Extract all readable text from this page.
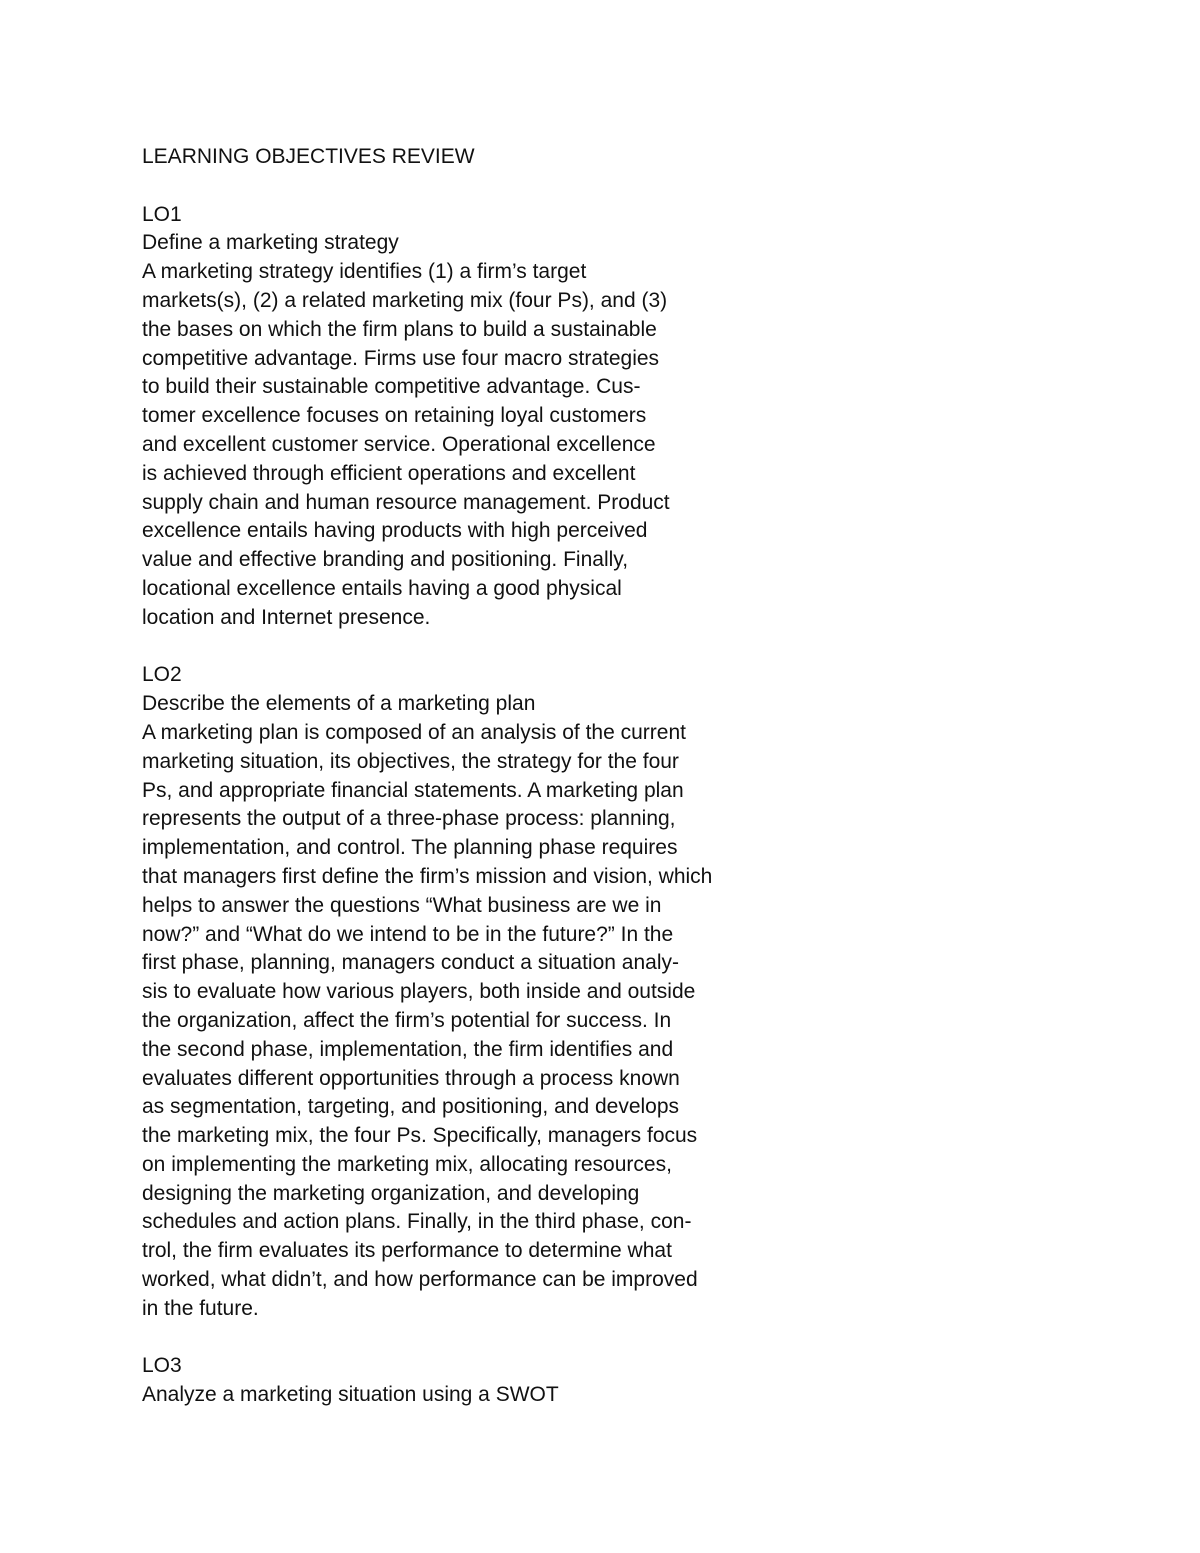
LEARNING OBJECTIVES REVIEW
LO1
Define a marketing strategy
A marketing strategy identifies (1) a firm’s target
markets(s), (2) a related marketing mix (four Ps), and (3)
the bases on which the firm plans to build a sustainable
competitive advantage. Firms use four macro strategies
to build their sustainable competitive advantage. Cus-
tomer excellence focuses on retaining loyal customers
and excellent customer service. Operational excellence
is achieved through efficient operations and excellent
supply chain and human resource management. Product
excellence entails having products with high perceived
value and effective branding and positioning. Finally,
locational excellence entails having a good physical
location and Internet presence.
LO2
Describe the elements of a marketing plan
A marketing plan is composed of an analysis of the current
marketing situation, its objectives, the strategy for the four
Ps, and appropriate financial statements. A marketing plan
represents the output of a three-phase process: planning,
implementation, and control. The planning phase requires
that managers first define the firm’s mission and vision, which
helps to answer the questions “What business are we in
now?” and “What do we intend to be in the future?” In the
first phase, planning, managers conduct a situation analy-
sis to evaluate how various players, both inside and outside
the organization, affect the firm’s potential for success. In
the second phase, implementation, the firm identifies and
evaluates different opportunities through a process known
as segmentation, targeting, and positioning, and develops
the marketing mix, the four Ps. Specifically, managers focus
on implementing the marketing mix, allocating resources,
designing the marketing organization, and developing
schedules and action plans. Finally, in the third phase, con-
trol, the firm evaluates its performance to determine what
worked, what didn’t, and how performance can be improved
in the future.
LO3
Analyze a marketing situation using a SWOT
